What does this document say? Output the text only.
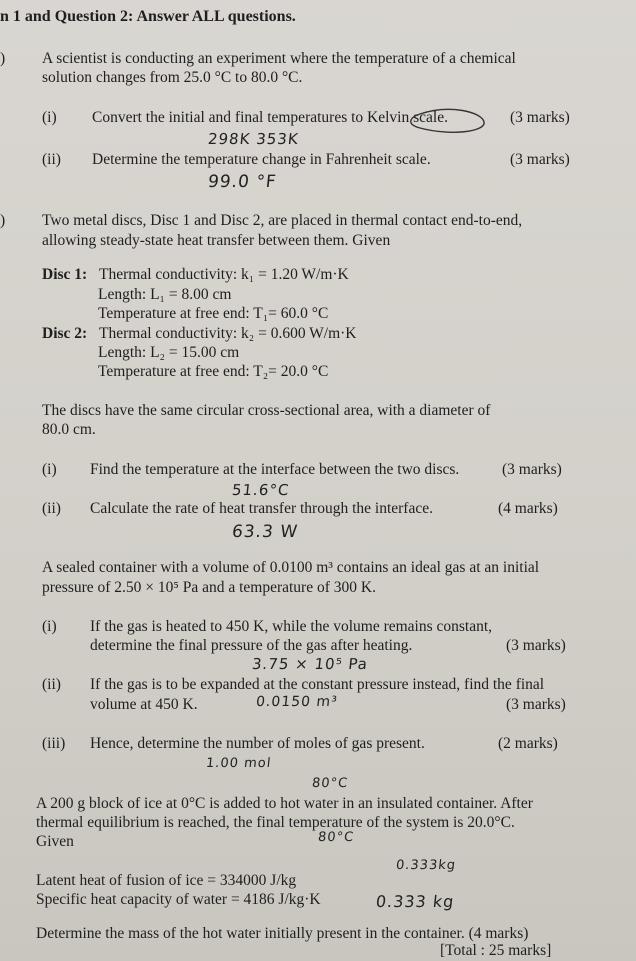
n 1 and Question 2: Answer ALL questions.
) A scientist is conducting an experiment where the temperature of a chemical
solution changes from 25.0 °C to 80.0 °C.
(i) Convert the initial and final temperatures to Kelvin scale.	(3 marks)
298K 353K
(ii) Determine the temperature change in Fahrenheit scale.	(3 marks)
99.0 °F
) Two metal discs, Disc 1 and Disc 2, are placed in thermal contact end-to-end,
allowing steady-state heat transfer between them. Given
Disc 1: Thermal conductivity: k₁ = 1.20 W/m·K
Length: L₁ = 8.00 cm
Temperature at free end: T₁= 60.0 °C
Disc 2: Thermal conductivity: k₂ = 0.600 W/m·K
Length: L₂ = 15.00 cm
Temperature at free end: T₂= 20.0 °C
The discs have the same circular cross-sectional area, with a diameter of
80.0 cm.
(i) Find the temperature at the interface between the two discs.	(3 marks)
51.6°C
(ii) Calculate the rate of heat transfer through the interface.	(4 marks)
63.3 W
A sealed container with a volume of 0.0100 m³ contains an ideal gas at an initial
pressure of 2.50 × 10⁵ Pa and a temperature of 300 K.
(i) If the gas is heated to 450 K, while the volume remains constant,
determine the final pressure of the gas after heating.	(3 marks)
3.75 × 10⁵ Pa
(ii) If the gas is to be expanded at the constant pressure instead, find the final
volume at 450 K.	0.0150 m³	(3 marks)
(iii) Hence, determine the number of moles of gas present.	(2 marks)
1.00 mol
80°C
A 200 g block of ice at 0°C is added to hot water in an insulated container. After
thermal equilibrium is reached, the final temperature of the system is 20.0°C.
Given	80°C
Latent heat of fusion of ice = 334000 J/kg
0.333kg
Specific heat capacity of water = 4186 J/kg·K	0.333 kg
Determine the mass of the hot water initially present in the container. (4 marks)
[Total : 25 marks]
